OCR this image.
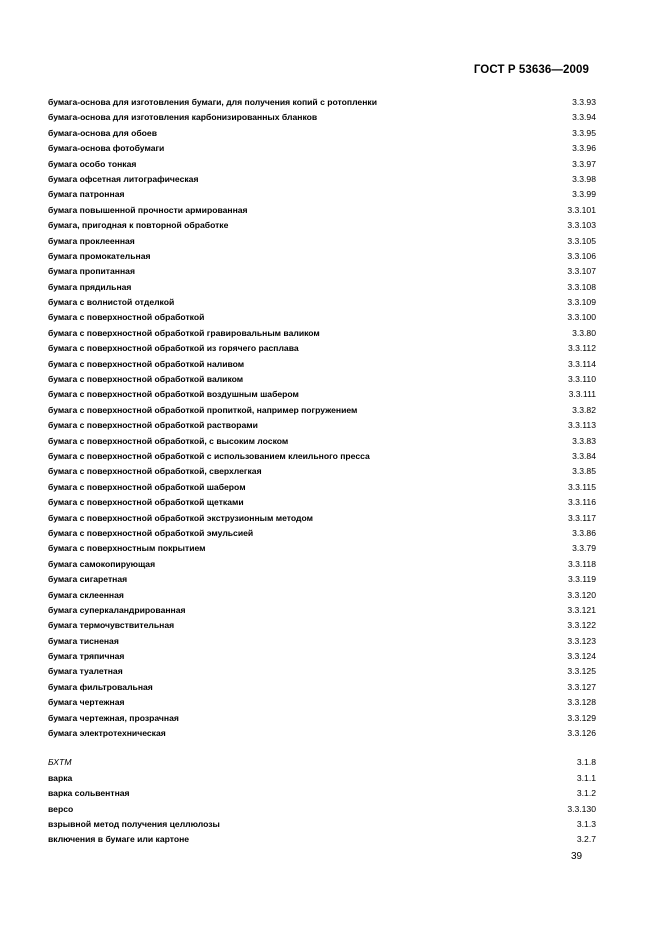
ГОСТ Р 53636—2009
бумага-основа для изготовления бумаги, для получения копий с ротопленки	3.3.93
бумага-основа для изготовления карбонизированных бланков	3.3.94
бумага-основа для обоев	3.3.95
бумага-основа фотобумаги	3.3.96
бумага особо тонкая	3.3.97
бумага офсетная литографическая	3.3.98
бумага патронная	3.3.99
бумага повышенной прочности армированная	3.3.101
бумага, пригодная к повторной обработке	3.3.103
бумага проклеенная	3.3.105
бумага промокательная	3.3.106
бумага пропитанная	3.3.107
бумага прядильная	3.3.108
бумага с волнистой отделкой	3.3.109
бумага с поверхностной обработкой	3.3.100
бумага с поверхностной обработкой гравировальным валиком	3.3.80
бумага с поверхностной обработкой из горячего расплава	3.3.112
бумага с поверхностной обработкой наливом	3.3.114
бумага с поверхностной обработкой валиком	3.3.110
бумага с поверхностной обработкой воздушным шабером	3.3.111
бумага с поверхностной обработкой пропиткой, например погружением	3.3.82
бумага с поверхностной обработкой растворами	3.3.113
бумага с поверхностной обработкой, с высоким лоском	3.3.83
бумага с поверхностной обработкой с использованием клеильного пресса	3.3.84
бумага с поверхностной обработкой, сверхлегкая	3.3.85
бумага с поверхностной обработкой шабером	3.3.115
бумага с поверхностной обработкой щетками	3.3.116
бумага с поверхностной обработкой экструзионным методом	3.3.117
бумага с поверхностной обработкой эмульсией	3.3.86
бумага с поверхностным покрытием	3.3.79
бумага самокопирующая	3.3.118
бумага сигаретная	3.3.119
бумага склеенная	3.3.120
бумага суперкаландрированная	3.3.121
бумага термочувствительная	3.3.122
бумага тисненая	3.3.123
бумага тряпичная	3.3.124
бумага туалетная	3.3.125
бумага фильтровальная	3.3.127
бумага чертежная	3.3.128
бумага чертежная, прозрачная	3.3.129
бумага электротехническая	3.3.126
БХТМ	3.1.8
варка	3.1.1
варка сольвентная	3.1.2
версо	3.3.130
взрывной метод получения целлюлозы	3.1.3
включения в бумаге или картоне	3.2.7
39
